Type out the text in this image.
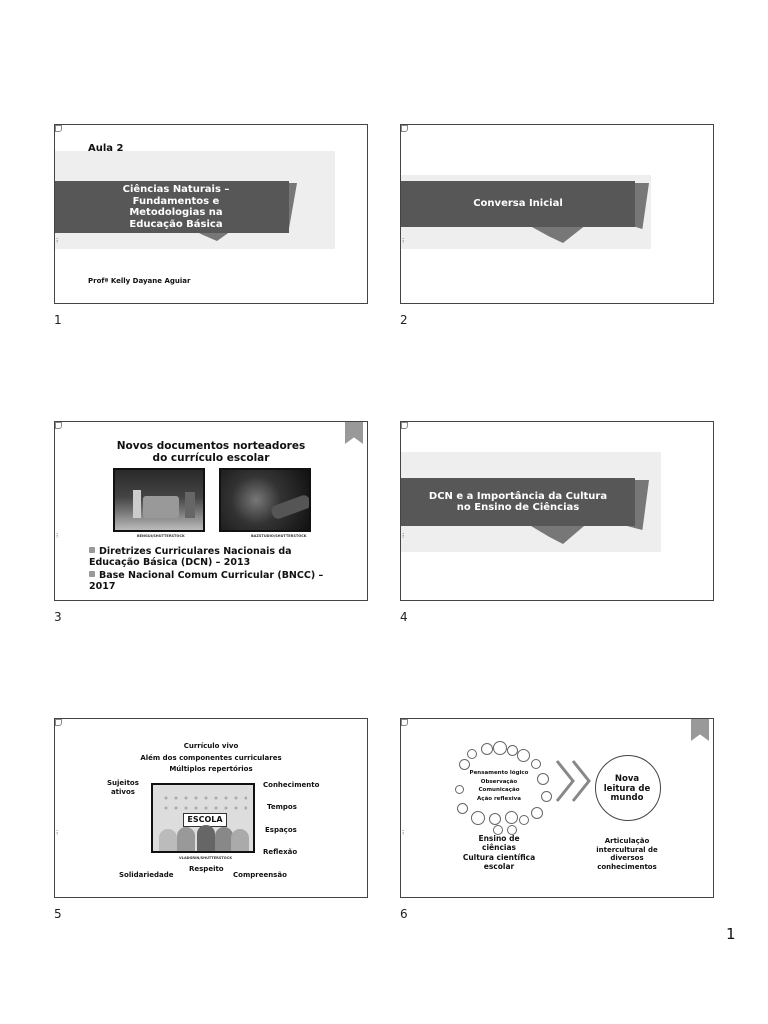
Aula 2
Ciências Naturais – Fundamentos e Metodologias na Educação Básica
▸
◂
⁝
Profª Kelly Dayane Aguiar
1
Conversa Inicial
⁝
2
Novos documentos norteadores
do currículo escolar
BENGUI/SHUTTERSTOCK	BAZSTUDIO/SHUTTERSTOCK
⁝
Diretrizes Curriculares Nacionais da Educação Básica (DCN) – 2013
Base Nacional Comum Curricular (BNCC) – 2017
3
DCN e a Importância da Cultura
no Ensino de Ciências
▸
◂
⁝
4
Currículo vivo
Além dos componentes curriculares
Múltiplos repertórios
Sujeitos
ativos
Conhecimento
Tempos
Espaços
Reflexão
ESCOLA
VLADGRIN/SHUTTERSTOCK
Solidariedade
Respeito
Compreensão
⁝
5
Pensamento lógico
Observação
Comunicação
Ação reflexiva
Nova
leitura de
mundo
Ensino de
ciências
Cultura científica
escolar
Articulação
intercultural de
diversos
conhecimentos
⁝
6
1
